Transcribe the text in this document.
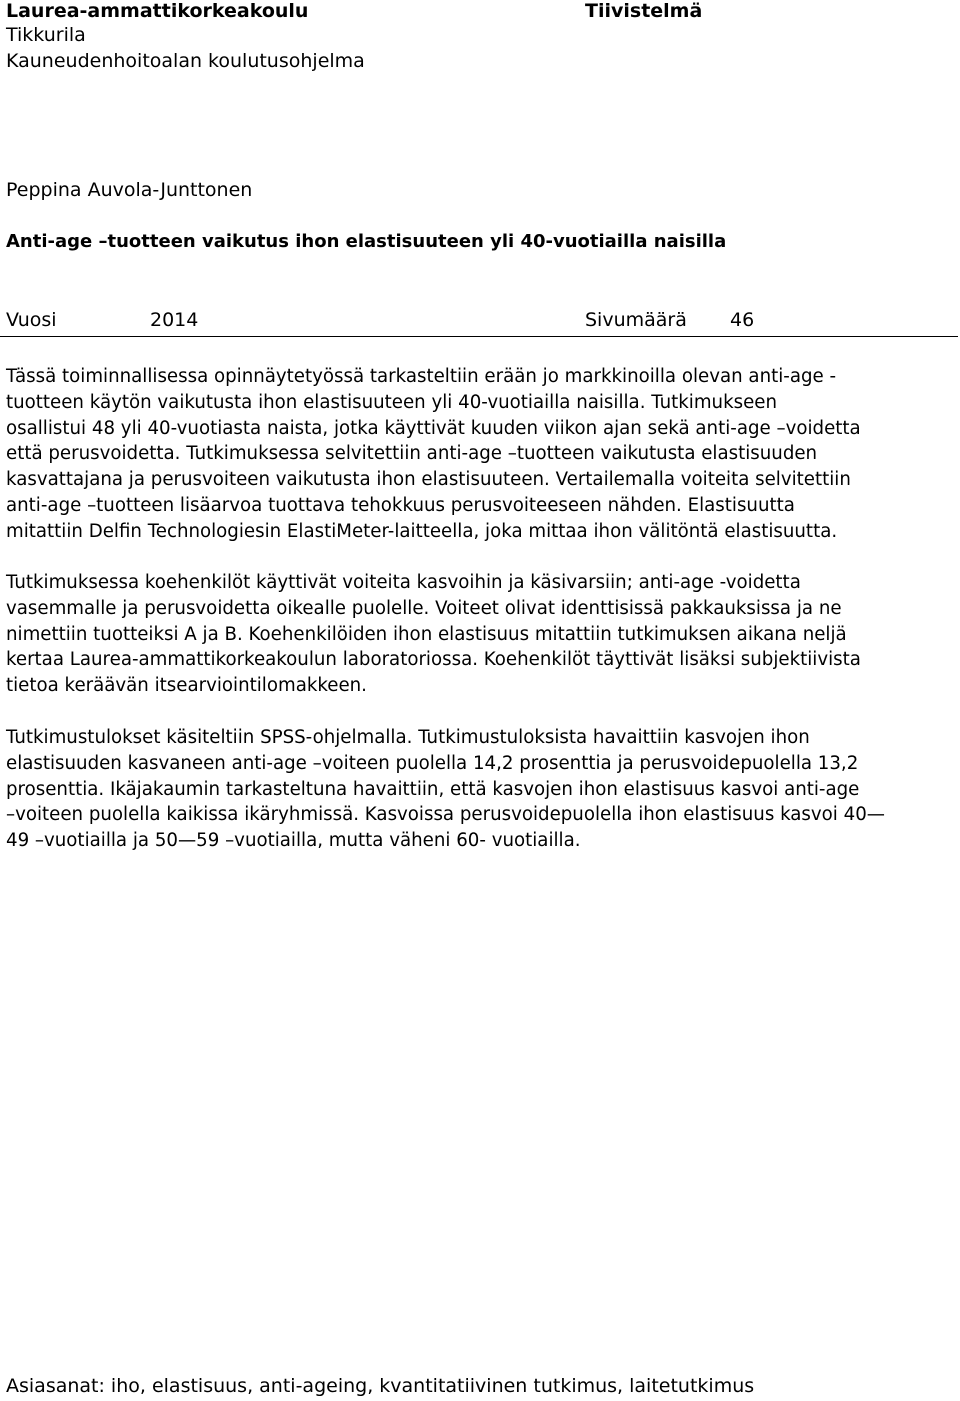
Laurea-ammattikorkeakoulu
Tikkurila
Kauneudenhoitoalan koulutusohjelma
Tiivistelmä
Peppina Auvola-Junttonen
Anti-age –tuotteen vaikutus ihon elastisuuteen yli 40-vuotiailla naisilla
Vuosi	2014	Sivumäärä 46
Tässä toiminnallisessa opinnäytetyössä tarkasteltiin erään jo markkinoilla olevan anti-age -
tuotteen käytön vaikutusta ihon elastisuuteen yli 40-vuotiailla naisilla. Tutkimukseen
osallistui 48 yli 40-vuotiasta naista, jotka käyttivät kuuden viikon ajan sekä anti-age –voidetta
että perusvoidetta. Tutkimuksessa selvitettiin anti-age –tuotteen vaikutusta elastisuuden
kasvattajana ja perusvoiteen vaikutusta ihon elastisuuteen. Vertailemalla voiteita selvitettiin
anti-age –tuotteen lisäarvoa tuottava tehokkuus perusvoiteeseen nähden. Elastisuutta
mitattiin Delfin Technologiesin ElastiMeter-laitteella, joka mittaa ihon välitöntä elastisuutta.
Tutkimuksessa koehenkilöt käyttivät voiteita kasvoihin ja käsivarsiin; anti-age -voidetta
vasemmalle ja perusvoidetta oikealle puolelle. Voiteet olivat identtisissä pakkauksissa ja ne
nimettiin tuotteiksi A ja B. Koehenkilöiden ihon elastisuus mitattiin tutkimuksen aikana neljä
kertaa Laurea-ammattikorkeakoulun laboratoriossa. Koehenkilöt täyttivät lisäksi subjektiivista
tietoa keräävän itsearviointilomakkeen.
Tutkimustulokset käsiteltiin SPSS-ohjelmalla. Tutkimustuloksista havaittiin kasvojen ihon
elastisuuden kasvaneen anti-age –voiteen puolella 14,2 prosenttia ja perusvoidepuolella 13,2
prosenttia. Ikäjakaumin tarkasteltuna havaittiin, että kasvojen ihon elastisuus kasvoi anti-age
–voiteen puolella kaikissa ikäryhmissä. Kasvoissa perusvoidepuolella ihon elastisuus kasvoi 40—
49 –vuotiailla ja 50—59 –vuotiailla, mutta väheni 60- vuotiailla.
Asiasanat: iho, elastisuus, anti-ageing, kvantitatiivinen tutkimus, laitetutkimus
